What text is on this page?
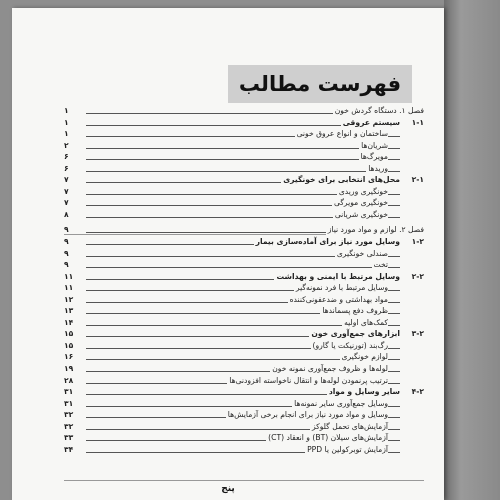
فهرست مطالب
فصل ۱. دستگاه گردش خون
۱
۱-۱
سیستم عروقی
۱
ساختمان و انواع عروق خونی
۱
شریان‌ها
۲
مویرگ‌ها
۶
وریدها
۶
۲-۱
محل‌های انتخابی برای خونگیری
۷
خونگیری وریدی
۷
خونگیری مویرگی
۷
خونگیری شریانی
۸
فصل ۲. لوازم و مواد مورد نیاز
۹
۱-۲
وسایل مورد نیاز برای آماده‌سازی بیمار
۹
صندلی خونگیری
۹
تخت
۹
۲-۲
وسایل مرتبط با ایمنی و بهداشت
۱۱
وسایل مرتبط با فرد نمونه‌گیر
۱۱
مواد بهداشتی و ضدعفونی‌کننده
۱۲
ظروف دفع پسماندها
۱۳
کمک‌های اولیه
۱۴
۳-۲
ابزارهای جمع‌آوری خون
۱۵
رگ‌بند (تورنیکت یا گارو)
۱۵
لوازم خونگیری
۱۶
لوله‌ها و ظروف جمع‌آوری نمونه خون
۱۹
ترتیب پرنمودن لوله‌ها و انتقال ناخواسته افزودنی‌ها
۲۸
۴-۲
سایر وسایل و مواد
۳۱
وسایل جمع‌آوری سایر نمونه‌ها
۳۱
وسایل و مواد مورد نیاز برای انجام برخی آزمایش‌ها
۳۲
آزمایش‌های تحمل گلوکز
۳۲
آزمایش‌های سیلان (BT) و انعقاد (CT)
۳۳
آزمایش توبرکولین یا PPD
۳۴
پنج
